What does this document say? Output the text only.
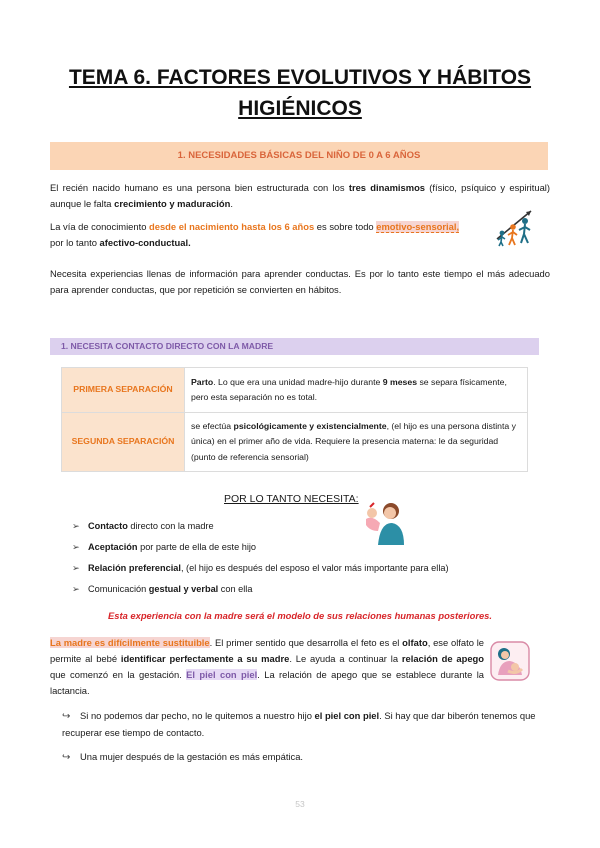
TEMA 6. FACTORES EVOLUTIVOS Y HÁBITOS
HIGIÉNICOS
1. NECESIDADES BÁSICAS DEL NIÑO DE 0 A 6 AÑOS
El recién nacido humano es una persona bien estructurada con los tres dinamismos (físico, psíquico y espiritual) aunque le falta crecimiento y maduración.
La vía de conocimiento desde el nacimiento hasta los 6 años es sobre todo emotivo-sensorial,
por lo tanto afectivo-conductual.
Necesita experiencias llenas de información para aprender conductas. Es por lo tanto este tiempo el más adecuado para aprender conductas, que por repetición se convierten en hábitos.
1. NECESITA CONTACTO DIRECTO CON LA MADRE
PRIMERA SEPARACIÓN	Parto. Lo que era una unidad madre-hijo durante 9 meses se separa físicamente, pero esta separación no es total.
SEGUNDA SEPARACIÓN	se efectúa psicológicamente y existencialmente, (el hijo es una persona distinta y única) en el primer año de vida. Requiere la presencia materna: le da seguridad (punto de referencia sensorial)
POR LO TANTO NECESITA:
➢ Contacto directo con la madre
➢ Aceptación por parte de ella de este hijo
➢ Relación preferencial, (el hijo es después del esposo el valor más importante para ella)
➢ Comunicación gestual y verbal con ella
Esta experiencia con la madre será el modelo de sus relaciones humanas posteriores.
La madre es difícilmente sustituible. El primer sentido que desarrolla el feto es el olfato, ese olfato le permite al bebé identificar perfectamente a su madre. Le ayuda a continuar la relación de apego que comenzó en la gestación. El piel con piel. La relación de apego que se establece durante la lactancia.
↪ Si no podemos dar pecho, no le quitemos a nuestro hijo el piel con piel. Si hay que dar biberón tenemos que recuperar ese tiempo de contacto.
↪ Una mujer después de la gestación es más empática.
53
